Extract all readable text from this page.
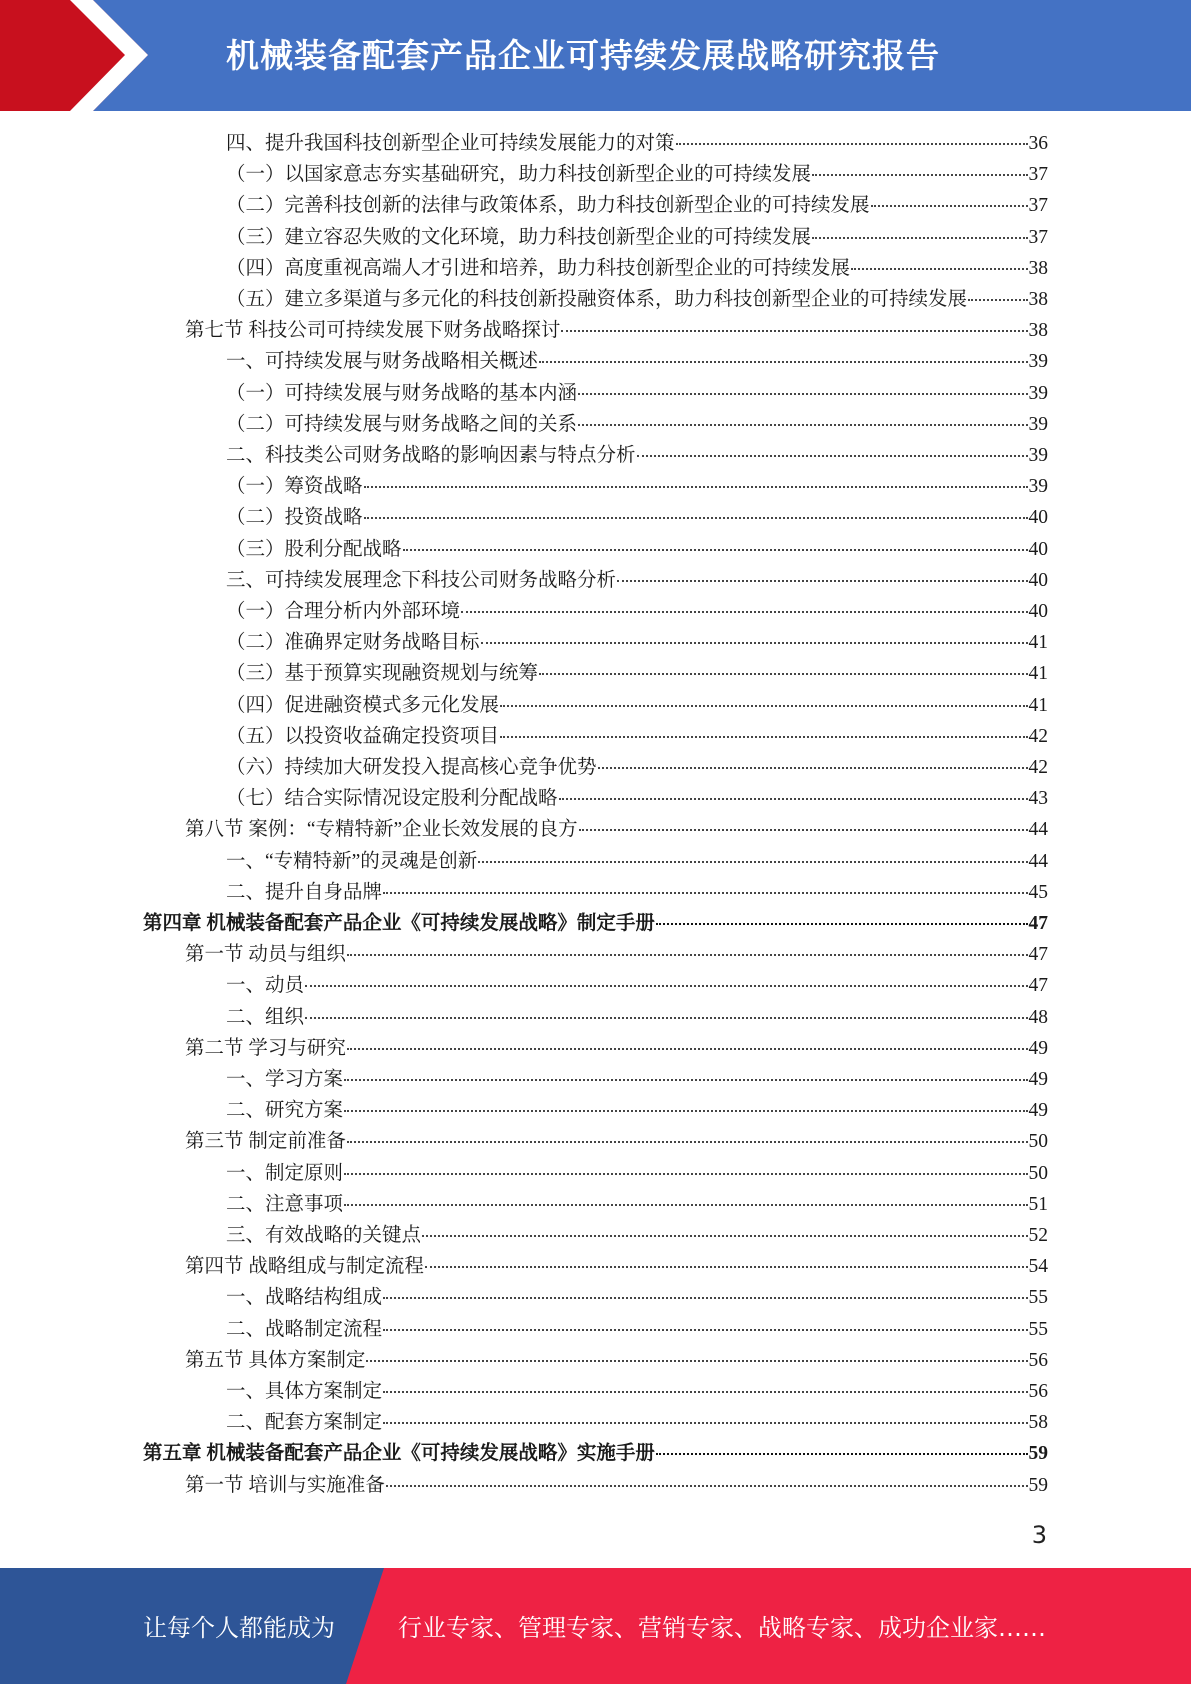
机械装备配套产品企业可持续发展战略研究报告
四、提升我国科技创新型企业可持续发展能力的对策	36
（一）以国家意志夯实基础研究，助力科技创新型企业的可持续发展	37
（二）完善科技创新的法律与政策体系，助力科技创新型企业的可持续发展	37
（三）建立容忍失败的文化环境，助力科技创新型企业的可持续发展	37
（四）高度重视高端人才引进和培养，助力科技创新型企业的可持续发展	38
（五）建立多渠道与多元化的科技创新投融资体系，助力科技创新型企业的可持续发展	38
第七节 科技公司可持续发展下财务战略探讨	38
一、可持续发展与财务战略相关概述	39
（一）可持续发展与财务战略的基本内涵	39
（二）可持续发展与财务战略之间的关系	39
二、科技类公司财务战略的影响因素与特点分析	39
（一）筹资战略	39
（二）投资战略	40
（三）股利分配战略	40
三、可持续发展理念下科技公司财务战略分析	40
（一）合理分析内外部环境	40
（二）准确界定财务战略目标	41
（三）基于预算实现融资规划与统筹	41
（四）促进融资模式多元化发展	41
（五）以投资收益确定投资项目	42
（六）持续加大研发投入提高核心竞争优势	42
（七）结合实际情况设定股利分配战略	43
第八节 案例：“专精特新”企业长效发展的良方	44
一、“专精特新”的灵魂是创新	44
二、提升自身品牌	45
第四章 机械装备配套产品企业《可持续发展战略》制定手册	47
第一节 动员与组织	47
一、动员	47
二、组织	48
第二节 学习与研究	49
一、学习方案	49
二、研究方案	49
第三节 制定前准备	50
一、制定原则	50
二、注意事项	51
三、有效战略的关键点	52
第四节 战略组成与制定流程	54
一、战略结构组成	55
二、战略制定流程	55
第五节 具体方案制定	56
一、具体方案制定	56
二、配套方案制定	58
第五章 机械装备配套产品企业《可持续发展战略》实施手册	59
第一节 培训与实施准备	59
3
让每个人都能成为	行业专家、管理专家、营销专家、战略专家、成功企业家……
